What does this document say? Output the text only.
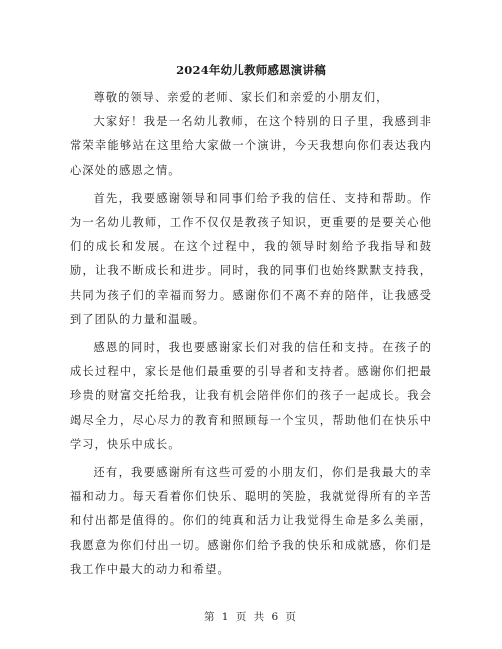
2024年幼儿教师感恩演讲稿

尊敬的领导、亲爱的老师、家长们和亲爱的小朋友们，

大家好！我是一名幼儿教师，在这个特别的日子里，我感到非常荣幸能够站在这里给大家做一个演讲，今天我想向你们表达我内心深处的感恩之情。

首先，我要感谢领导和同事们给予我的信任、支持和帮助。作为一名幼儿教师，工作不仅仅是教孩子知识，更重要的是要关心他们的成长和发展。在这个过程中，我的领导时刻给予我指导和鼓励，让我不断成长和进步。同时，我的同事们也始终默默支持我，共同为孩子们的幸福而努力。感谢你们不离不弃的陪伴，让我感受到了团队的力量和温暖。

感恩的同时，我也要感谢家长们对我的信任和支持。在孩子的成长过程中，家长是他们最重要的引导者和支持者。感谢你们把最珍贵的财富交托给我，让我有机会陪伴你们的孩子一起成长。我会竭尽全力，尽心尽力的教育和照顾每一个宝贝，帮助他们在快乐中学习，快乐中成长。

还有，我要感谢所有这些可爱的小朋友们，你们是我最大的幸福和动力。每天看着你们快乐、聪明的笑脸，我就觉得所有的辛苦和付出都是值得的。你们的纯真和活力让我觉得生命是多么美丽，我愿意为你们付出一切。感谢你们给予我的快乐和成就感，你们是我工作中最大的动力和希望。

第 1 页 共 6 页
